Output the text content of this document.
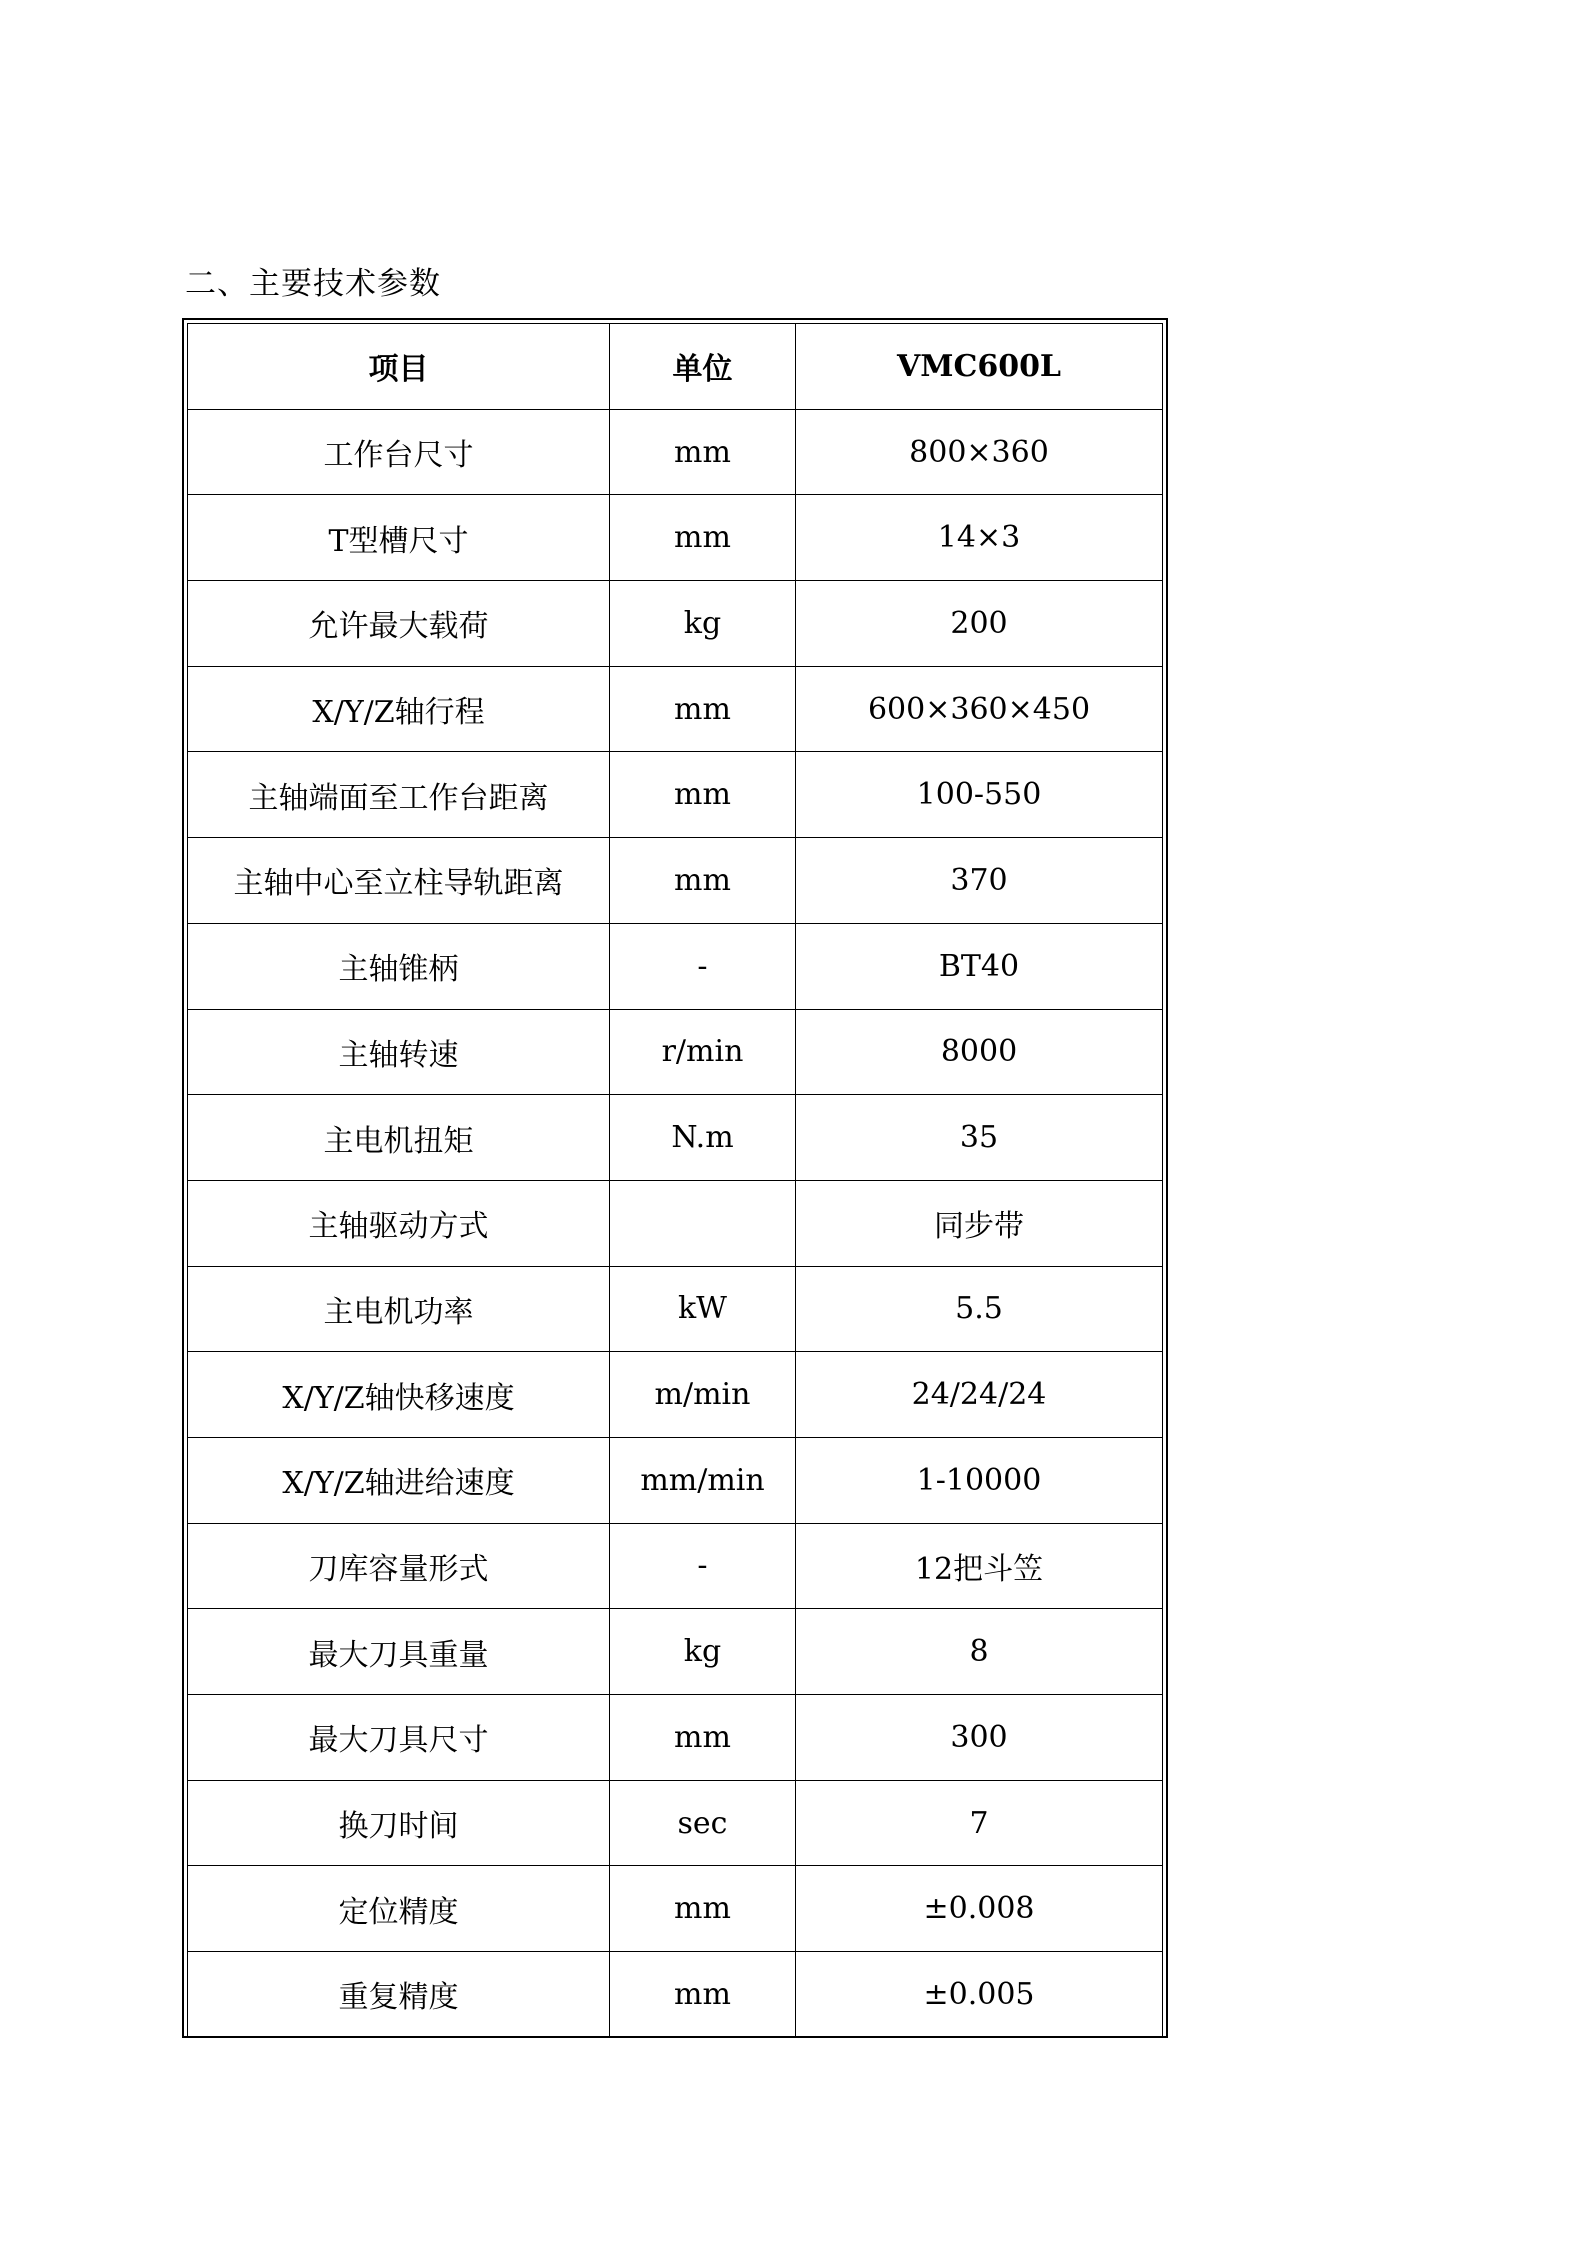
二、主要技术参数
项目	单位	VMC600L
工作台尺寸	mm	800×360
T型槽尺寸	mm	14×3
允许最大载荷	kg	200
X/Y/Z轴行程	mm	600×360×450
主轴端面至工作台距离	mm	100-550
主轴中心至立柱导轨距离	mm	370
主轴锥柄	-	BT40
主轴转速	r/min	8000
主电机扭矩	N.m	35
主轴驱动方式		同步带
主电机功率	kW	5.5
X/Y/Z轴快移速度	m/min	24/24/24
X/Y/Z轴进给速度	mm/min	1-10000
刀库容量形式	-	12把斗笠
最大刀具重量	kg	8
最大刀具尺寸	mm	300
换刀时间	sec	7
定位精度	mm	±0.008
重复精度	mm	±0.005
